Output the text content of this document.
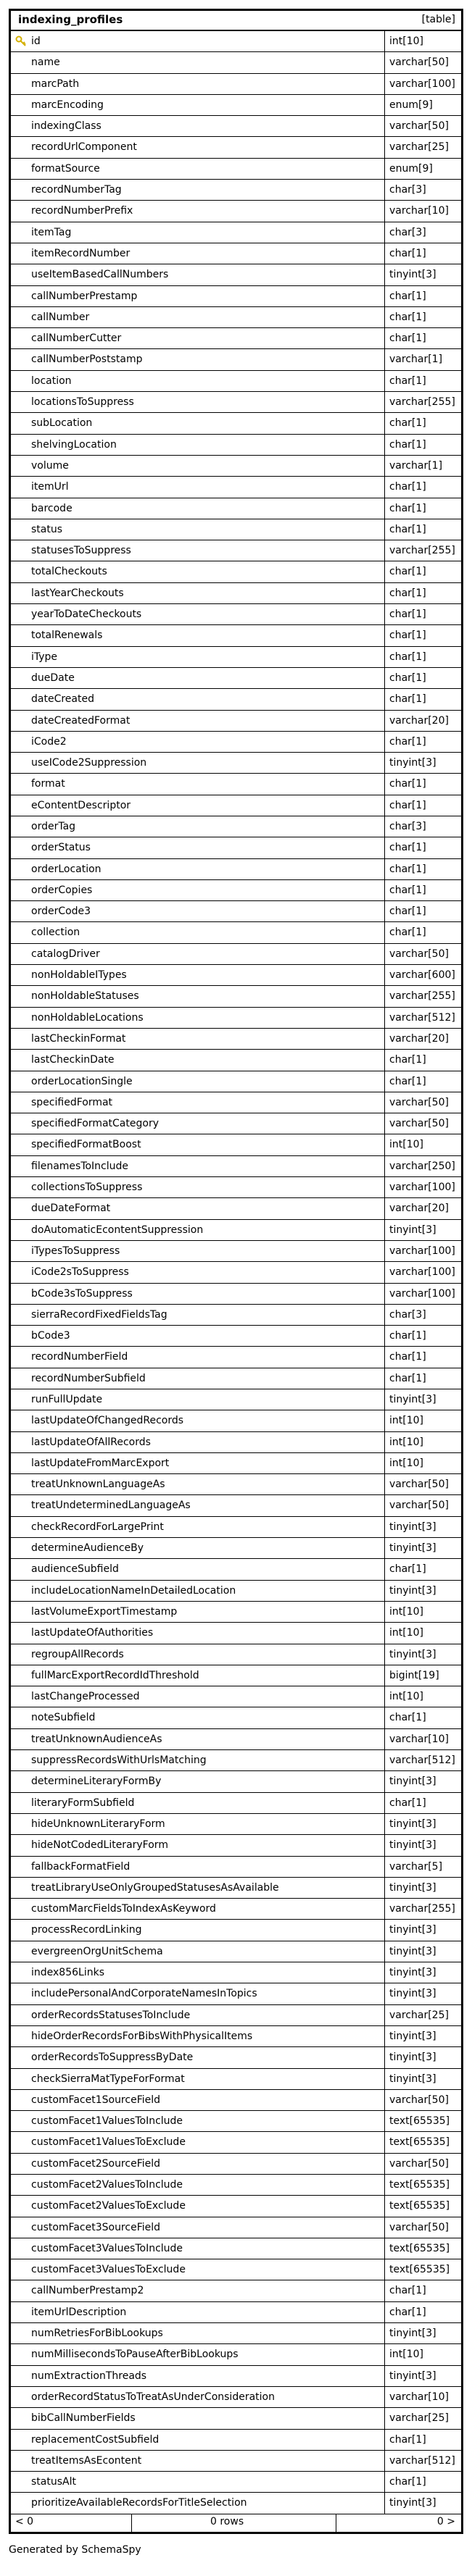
indexing_profiles	[table]
id	int[10]
name	varchar[50]
marcPath	varchar[100]
marcEncoding	enum[9]
indexingClass	varchar[50]
recordUrlComponent	varchar[25]
formatSource	enum[9]
recordNumberTag	char[3]
recordNumberPrefix	varchar[10]
itemTag	char[3]
itemRecordNumber	char[1]
useItemBasedCallNumbers	tinyint[3]
callNumberPrestamp	char[1]
callNumber	char[1]
callNumberCutter	char[1]
callNumberPoststamp	varchar[1]
location	char[1]
locationsToSuppress	varchar[255]
subLocation	char[1]
shelvingLocation	char[1]
volume	varchar[1]
itemUrl	char[1]
barcode	char[1]
status	char[1]
statusesToSuppress	varchar[255]
totalCheckouts	char[1]
lastYearCheckouts	char[1]
yearToDateCheckouts	char[1]
totalRenewals	char[1]
iType	char[1]
dueDate	char[1]
dateCreated	char[1]
dateCreatedFormat	varchar[20]
iCode2	char[1]
useICode2Suppression	tinyint[3]
format	char[1]
eContentDescriptor	char[1]
orderTag	char[3]
orderStatus	char[1]
orderLocation	char[1]
orderCopies	char[1]
orderCode3	char[1]
collection	char[1]
catalogDriver	varchar[50]
nonHoldableITypes	varchar[600]
nonHoldableStatuses	varchar[255]
nonHoldableLocations	varchar[512]
lastCheckinFormat	varchar[20]
lastCheckinDate	char[1]
orderLocationSingle	char[1]
specifiedFormat	varchar[50]
specifiedFormatCategory	varchar[50]
specifiedFormatBoost	int[10]
filenamesToInclude	varchar[250]
collectionsToSuppress	varchar[100]
dueDateFormat	varchar[20]
doAutomaticEcontentSuppression	tinyint[3]
iTypesToSuppress	varchar[100]
iCode2sToSuppress	varchar[100]
bCode3sToSuppress	varchar[100]
sierraRecordFixedFieldsTag	char[3]
bCode3	char[1]
recordNumberField	char[1]
recordNumberSubfield	char[1]
runFullUpdate	tinyint[3]
lastUpdateOfChangedRecords	int[10]
lastUpdateOfAllRecords	int[10]
lastUpdateFromMarcExport	int[10]
treatUnknownLanguageAs	varchar[50]
treatUndeterminedLanguageAs	varchar[50]
checkRecordForLargePrint	tinyint[3]
determineAudienceBy	tinyint[3]
audienceSubfield	char[1]
includeLocationNameInDetailedLocation	tinyint[3]
lastVolumeExportTimestamp	int[10]
lastUpdateOfAuthorities	int[10]
regroupAllRecords	tinyint[3]
fullMarcExportRecordIdThreshold	bigint[19]
lastChangeProcessed	int[10]
noteSubfield	char[1]
treatUnknownAudienceAs	varchar[10]
suppressRecordsWithUrlsMatching	varchar[512]
determineLiteraryFormBy	tinyint[3]
literaryFormSubfield	char[1]
hideUnknownLiteraryForm	tinyint[3]
hideNotCodedLiteraryForm	tinyint[3]
fallbackFormatField	varchar[5]
treatLibraryUseOnlyGroupedStatusesAsAvailable	tinyint[3]
customMarcFieldsToIndexAsKeyword	varchar[255]
processRecordLinking	tinyint[3]
evergreenOrgUnitSchema	tinyint[3]
index856Links	tinyint[3]
includePersonalAndCorporateNamesInTopics	tinyint[3]
orderRecordsStatusesToInclude	varchar[25]
hideOrderRecordsForBibsWithPhysicalItems	tinyint[3]
orderRecordsToSuppressByDate	tinyint[3]
checkSierraMatTypeForFormat	tinyint[3]
customFacet1SourceField	varchar[50]
customFacet1ValuesToInclude	text[65535]
customFacet1ValuesToExclude	text[65535]
customFacet2SourceField	varchar[50]
customFacet2ValuesToInclude	text[65535]
customFacet2ValuesToExclude	text[65535]
customFacet3SourceField	varchar[50]
customFacet3ValuesToInclude	text[65535]
customFacet3ValuesToExclude	text[65535]
callNumberPrestamp2	char[1]
itemUrlDescription	char[1]
numRetriesForBibLookups	tinyint[3]
numMillisecondsToPauseAfterBibLookups	int[10]
numExtractionThreads	tinyint[3]
orderRecordStatusToTreatAsUnderConsideration	varchar[10]
bibCallNumberFields	varchar[25]
replacementCostSubfield	char[1]
treatItemsAsEcontent	varchar[512]
statusAlt	char[1]
prioritizeAvailableRecordsForTitleSelection	tinyint[3]
< 0	0 rows	0 >
Generated by SchemaSpy
